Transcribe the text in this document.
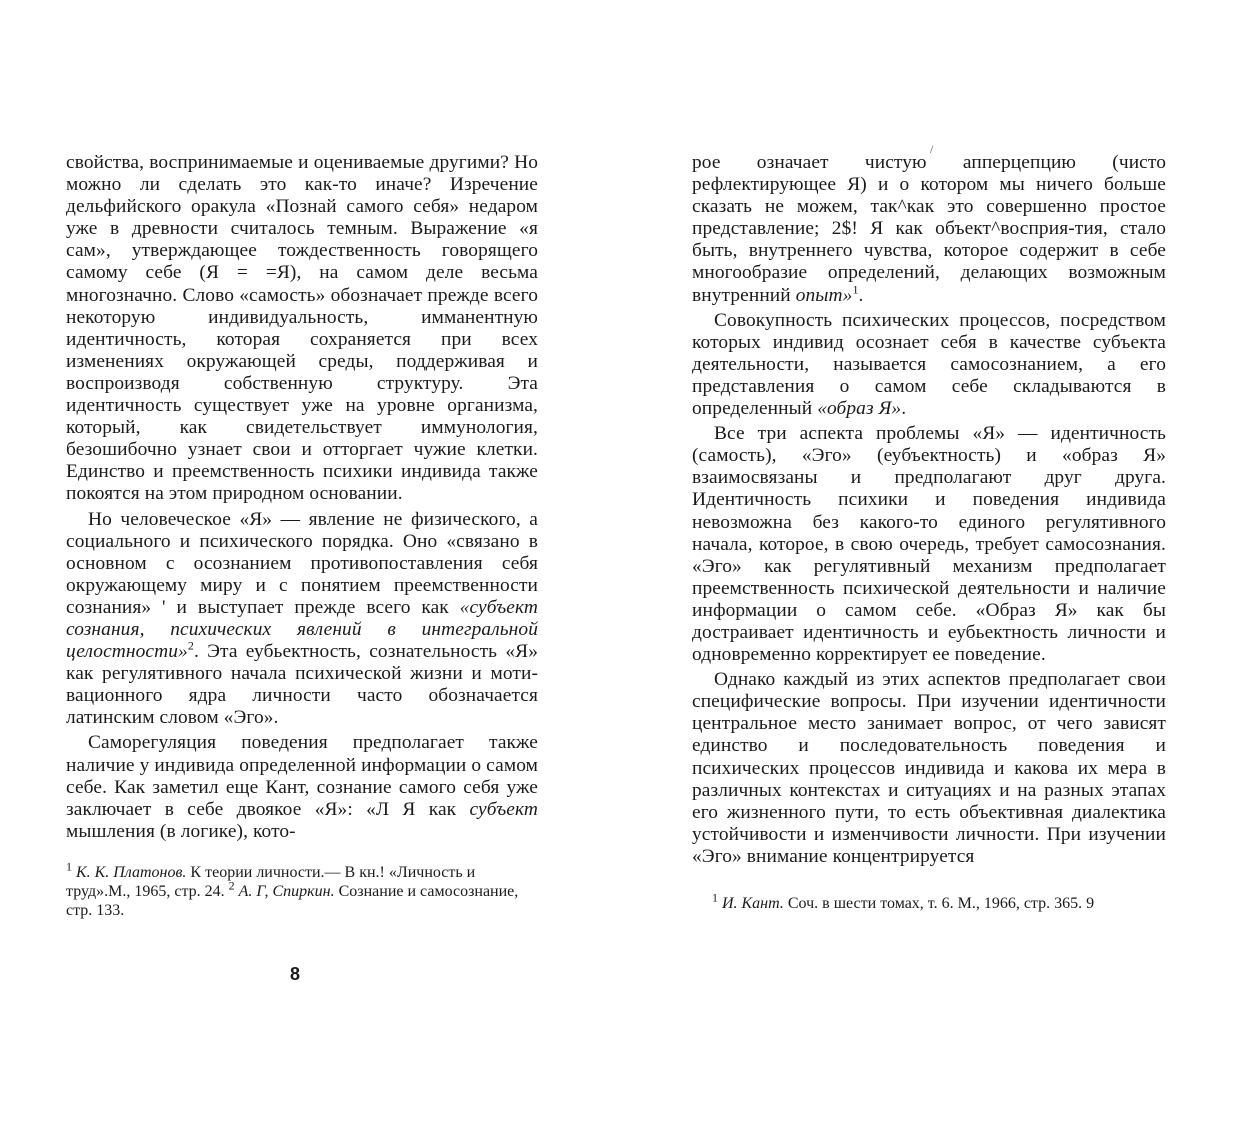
свойства, воспринимаемые и оцениваемые другими? Но можно ли сделать это как-то иначе? Изречение дельфийского оракула «Познай самого себя» недаром уже в древности считалось темным. Выражение «я сам», утверждающее тождественность говорящего самому себе (Я = =Я), на самом деле весьма многозначно. Слово «самость» обозначает прежде всего некоторую индивидуальность, имманентную идентичность, которая сохраняется при всех изменениях окружающей среды, поддерживая и воспроизводя собственную структуру. Эта идентичность существует уже на уровне организма, который, как свидетельствует иммунология, безошибочно узнает свои и отторгает чужие клетки. Единство и преемственность психики индивида также покоятся на этом природном основании.

Но человеческое «Я» — явление не физического, а социального и психического порядка. Оно «связано в основном с осознанием противопоставления себя окружающему миру и с понятием преемственности сознания» ' и выступает прежде всего как «субъект сознания, психических явлений в интегральной целостности»$^2$. Эта еубьектность, сознательность «Я» как регулятивного начала психической жизни и моти-вационного ядра личности часто обозначается латинским словом «Эго».

Саморегуляция поведения предполагает также наличие у индивида определенной информации о самом себе. Как заметил еще Кант, сознание самого себя уже заключает в себе двоякое «Я»: «Л Я как субъект мышления (в логике), кото-

$^1$ К. К. Платонов. К теории личности.— В кн.! «Личность и труд».М., 1965, стр. 24. $^2$ А. Г, Спиркин. Сознание и самосознание, стр. 133.

8
/

рое означает чистую апперцепцию (чисто рефлектирующее Я) и о котором мы ничего больше сказать не можем, так^как это совершенно простое представление; 2$! Я как объект^восприя-тия, стало быть, внутреннего чувства, которое содержит в себе многообразие определений, делающих возможным внутренний опыт»$^1$.

Совокупность психических процессов, посредством которых индивид осознает себя в качестве субъекта деятельности, называется самосознанием, а его представления о самом себе складываются в определенный «образ Я».

Все три аспекта проблемы «Я» — идентичность (самость), «Эго» (еубъектность) и «образ Я» взаимосвязаны и предполагают друг друга. Идентичность психики и поведения индивида невозможна без какого-то единого регулятивного начала, которое, в свою очередь, требует самосознания. «Эго» как регулятивный механизм предполагает преемственность психической деятельности и наличие информации о самом себе. «Образ Я» как бы достраивает идентичность и еубьектность личности и одновременно корректирует ее поведение.

Однако каждый из этих аспектов предполагает свои специфические вопросы. При изучении идентичности центральное место занимает вопрос, от чего зависят единство и последовательность поведения и психических процессов индивида и какова их мера в различных контекстах и ситуациях и на разных этапах его жизненного пути, то есть объективная диалектика устойчивости и изменчивости личности. При изучении «Эго» внимание концентрируется

$^1$ И. Кант. Соч. в шести томах, т. 6. М., 1966, стр. 365. 9
